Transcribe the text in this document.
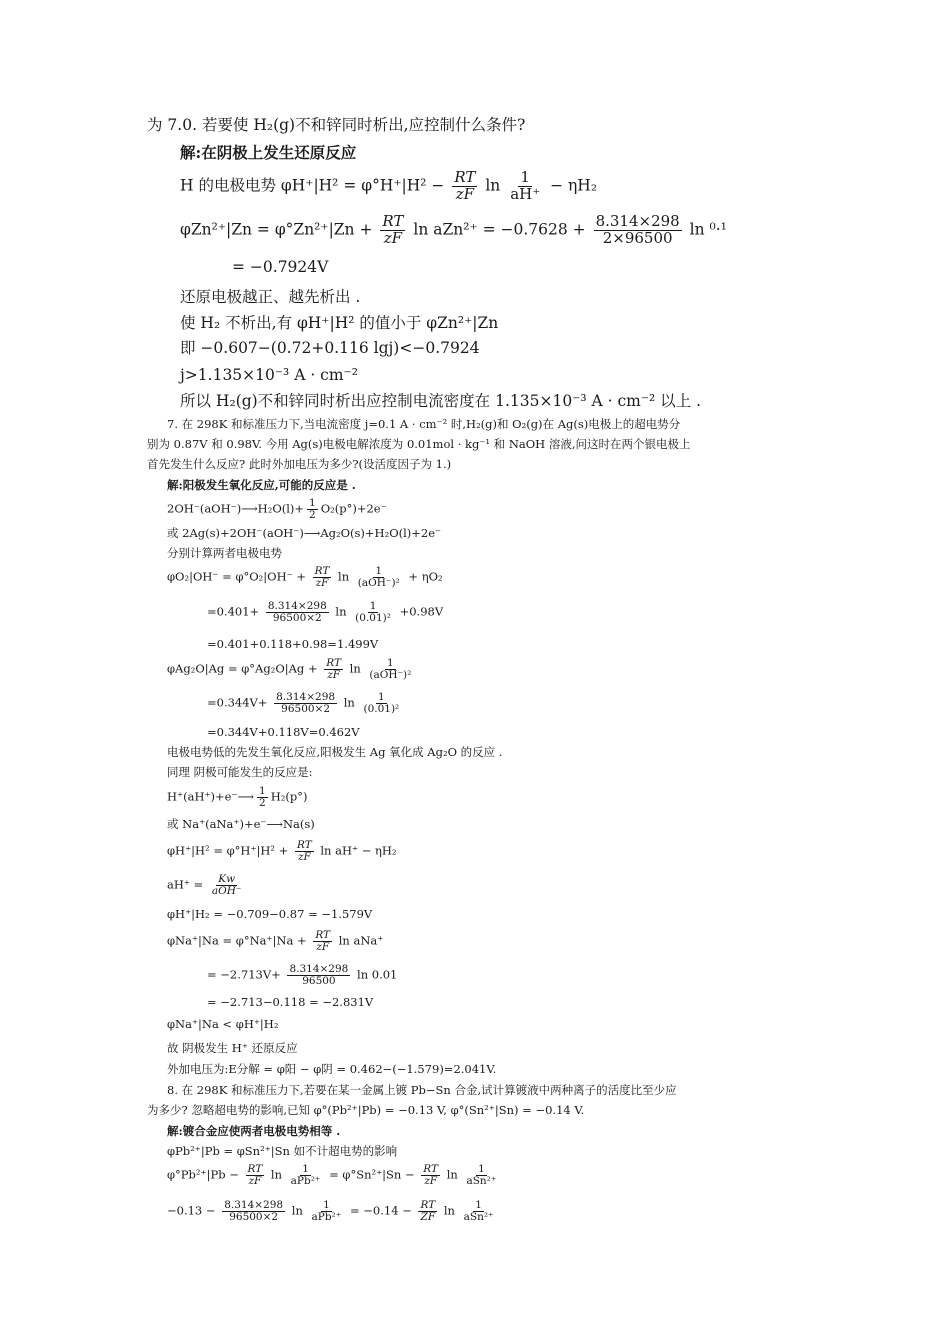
为 7.0. 若要使 H₂(g)不和锌同时析出,应控制什么条件?
解:在阴极上发生还原反应
H 的电极电势 $\varphi H^+|H^2 = \varphi^\circ H^+|H^2 - \frac{RT}{zF}$ $\ln \frac{1}{aH^+} - \eta H_2$
$\varphi Zn^{2+}|Zn = \varphi^\circ Zn^{2+}|Zn + \frac{RT}{zF}$ $\ln aZn^{2+} = -0.7628 + \frac{8.314\times 298}{2\times 96500}$ ln ⁰·¹
= −0.7924V
还原电极越正、越先析出 .
使 H₂ 不析出,有 φH⁺|H² 的值小于 φZn²⁺|Zn
即 −0.607−(0.72+0.116 lgj)<−0.7924
j>1.135×10⁻³ A · cm⁻²
所以 H₂(g)不和锌同时析出应控制电流密度在 1.135×10⁻³ A · cm⁻² 以上 .
7. 在 298K 和标准压力下,当电流密度 j=0.1 A · cm⁻² 时,H₂(g)和 O₂(g)在 Ag(s)电极上的超电势分
别为 0.87V 和 0.98V. 今用 Ag(s)电极电解浓度为 0.01mol · kg⁻¹ 和 NaOH 溶液,问这时在两个银电极上
首先发生什么反应? 此时外加电压为多少?(设活度因子为 1.)
解:阳极发生氧化反应,可能的反应是 .
2OH⁻(aOH⁻)⟶H₂O(l)+ $\frac{1}{2} O_2(p^\circ)+2e^-$
或 2Ag(s)+2OH⁻(aOH⁻)⟶Ag₂O(s)+H₂O(l)+2e⁻
分别计算两者电极电势
$\varphi O_2|OH^- = \varphi^\circ O_2|OH^- + \frac{RT}{zF}$ $\ln \frac{1}{\text{(aOH⁻)²}} + \eta O_2$
$=0.401+ \frac{8.314\times 298}{96500\times 2}$ $\ln \frac{1}{\text{(0.01)²}} +0.98V$
=0.401+0.118+0.98=1.499V
$\varphi Ag_2O|Ag = \varphi^\circ Ag_2O|Ag + \frac{RT}{zF}$ $\ln \frac{1}{\text{(aOH⁻)²}}$
$=0.344V+ \frac{8.314\times 298}{96500\times 2}$ $\ln \frac{1}{\text{(0.01)²}}$
=0.344V+0.118V=0.462V
电极电势低的先发生氧化反应,阳极发生 Ag 氧化成 Ag₂O 的反应 .
同理 阴极可能发生的反应是:
H⁺(aH⁺)+e⁻⟶ $\frac{1}{2} H_2(p^\circ)$
或 Na⁺(aNa⁺)+e⁻⟶Na(s)
$\varphi H^+|H^2 = \varphi^\circ H^+|H^2 + \frac{RT}{zF}$ ln aH⁺ − ηH₂
$aH^+ = \frac{Kw}{\text{aOH⁻}}$
φH⁺|H₂ = −0.709−0.87 = −1.579V
$\varphi Na^+|Na = \varphi^\circ Na^+|Na + \frac{RT}{zF}$ ln aNa⁺
= $-2.713V+ \frac{8.314\times 298}{96500}$ ln 0.01
= −2.713−0.118 = −2.831V
φNa⁺|Na < φH⁺|H₂
故 阴极发生 H⁺ 还原反应
外加电压为:E分解 = φ阳 − φ阴 = 0.462−(−1.579)=2.041V.
8. 在 298K 和标准压力下,若要在某一金属上镀 Pb−Sn 合金,试计算镀液中两种离子的活度比至少应
为多少? 忽略超电势的影响,已知 φ°(Pb²⁺|Pb) = −0.13 V, φ°(Sn²⁺|Sn) = −0.14 V.
解:镀合金应使两者电极电势相等 .
φPb²⁺|Pb = φSn²⁺|Sn 如不计超电势的影响
$\varphi^\circ Pb^{2+}|Pb - \frac{RT}{zF}$ $\ln \frac{1}{\text{aPb²⁺}} = \varphi^\circ Sn^{2+}|Sn - \frac{RT}{zF}$ $\ln \frac{1}{\text{aSn²⁺}}$
$-0.13 - \frac{8.314\times 298}{96500\times 2}$ $\ln \frac{1}{\text{aPb²⁺}} = -0.14 - \frac{RT}{ZF}$ $\ln \frac{1}{\text{aSn²⁺}}$
